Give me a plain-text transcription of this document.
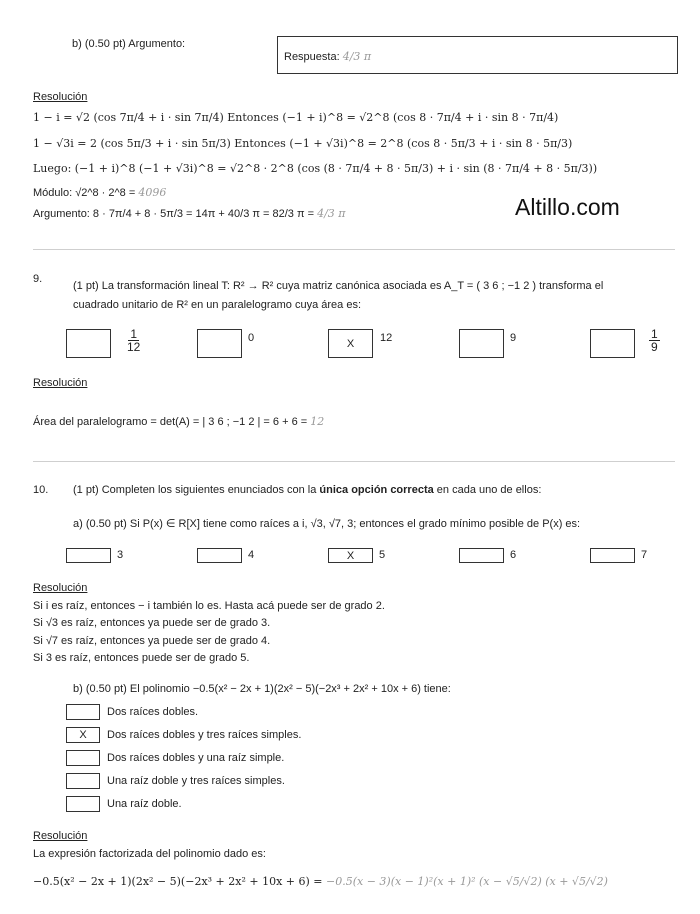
b) (0.50 pt) Argumento:
Respuesta: 4/3 π
Resolución
1 − i = √2 (cos 7π/4 + i · sin 7π/4) Entonces (−1 + i)^8 = √2^8 (cos 8 · 7π/4 + i · sin 8 · 7π/4)
1 − √3i = 2 (cos 5π/3 + i · sin 5π/3) Entonces (−1 + √3i)^8 = 2^8 (cos 8 · 5π/3 + i · sin 8 · 5π/3)
Luego: (−1 + i)^8 (−1 + √3i)^8 = √2^8 · 2^8 (cos (8 · 7π/4 + 8 · 5π/3) + i · sin (8 · 7π/4 + 8 · 5π/3))
Módulo: √2^8 · 2^8 = 4096
Argumento: 8 · 7π/4 + 8 · 5π/3 = 14π + 40/3 π = 82/3 π = 4/3 π	Altillo.com
9.
(1 pt) La transformación lineal T: R² → R² cuya matriz canónica asociada es A_T = ( 3 6 ; −1 2 ) transforma el
cuadrado unitario de R² en un paralelogramo cuya área es:
$\frac{1}{12}$	0	X	12	9	$\frac{1}{9}$
Resolución
Área del paralelogramo = det(A) = | 3 6 ; −1 2 | = 6 + 6 = 12
10. (1 pt) Completen los siguientes enunciados con la única opción correcta en cada uno de ellos:
a) (0.50 pt) Si P(x) ∈ R[X] tiene como raíces a i, √3, √7, 3; entonces el grado mínimo posible de P(x) es:
3	4	X	5	6	7
Resolución
Si i es raíz, entonces − i también lo es. Hasta acá puede ser de grado 2.
Si √3 es raíz, entonces ya puede ser de grado 3.
Si √7 es raíz, entonces ya puede ser de grado 4.
Si 3 es raíz, entonces puede ser de grado 5.
b) (0.50 pt) El polinomio −0.5(x² − 2x + 1)(2x² − 5)(−2x³ + 2x² + 10x + 6) tiene:
Dos raíces dobles.
X	Dos raíces dobles y tres raíces simples.
Dos raíces dobles y una raíz simple.
Una raíz doble y tres raíces simples.
Una raíz doble.
Resolución
La expresión factorizada del polinomio dado es:
−0.5(x² − 2x + 1)(2x² − 5)(−2x³ + 2x² + 10x + 6) = −0.5(x − 3)(x − 1)²(x + 1)² (x − √5/√2) (x + √5/√2)
